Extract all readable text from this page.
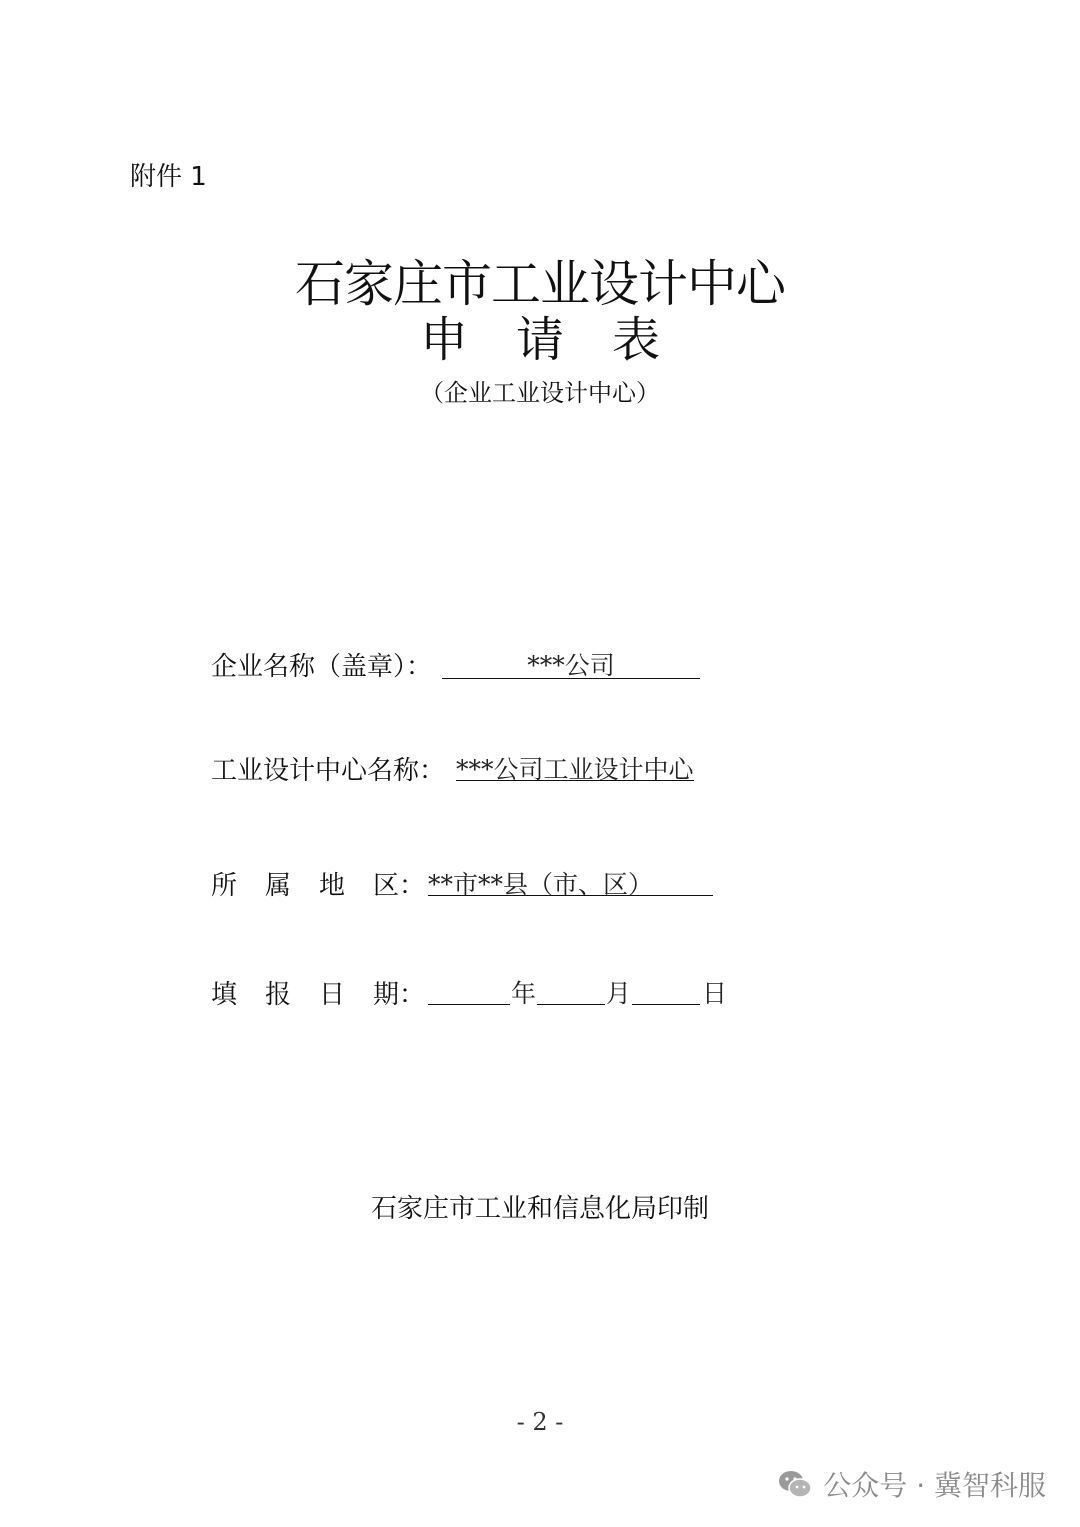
附件 1
石家庄市工业设计中心
申 请 表
（企业工业设计中心）
企业名称（盖章）：	***公司
工业设计中心名称： ***公司工业设计中心
所 属 地 区： **市**县（市、区）
填 报 日 期：	年	月	日
石家庄市工业和信息化局印制
- 2 -
公众号 · 冀智科服
